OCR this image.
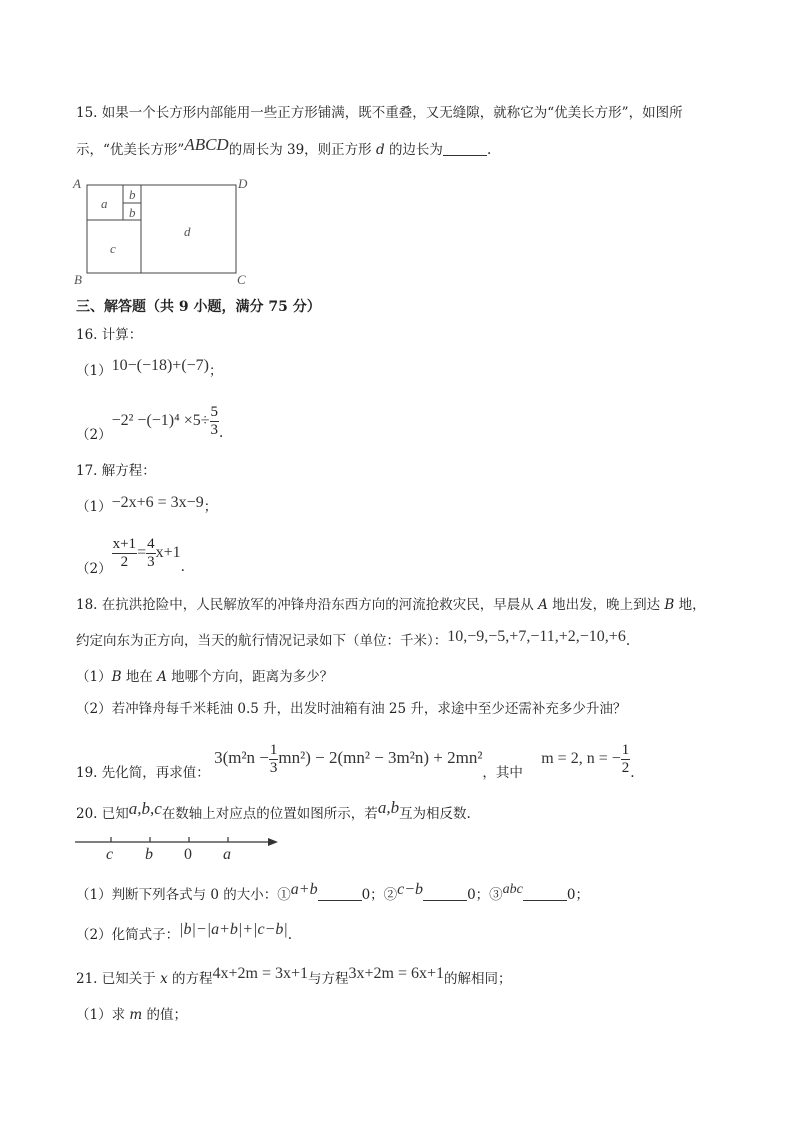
15. 如果一个长方形内部能用一些正方形铺满，既不重叠，又无缝隙，就称它为“优美长方形”，如图所
示，“优美长方形”ABCD的周长为 39，则正方形 d 的边长为	.
A
B	C
D
a
b
b
c
d
三、解答题（共 9 小题，满分 75 分）
16. 计算：
（1）10−(−18)+(−7)；
$(2)-2^2 -(-1)^4 \times 5\div \frac{5}{3}$ .
17. 解方程：
（1）−2x+6 = 3x−9；
$(2) \frac{x+1}{2} = \frac{4}{3} x+1$.
18. 在抗洪抢险中，人民解放军的冲锋舟沿东西方向的河流抢救灾民，早晨从 A 地出发，晚上到达 B 地，
约定向东为正方向，当天的航行情况记录如下（单位：千米）：10,−9,−5,+7,−11,+2,−10,+6.
（1）B 地在 A 地哪个方向，距离为多少？
（2）若冲锋舟每千米耗油 0.5 升，出发时油箱有油 25 升，求途中至少还需补充多少升油？
19. 先化简，再求值： $3(m^2n - \frac{1}{3} mn^2) - 2(mn^2 - 3m^2n) + 2mn^2$，其中 m = 2, n = − $\frac{1}{2}$ .
20. 已知a,b,c在数轴上对应点的位置如图所示，若a,b互为相反数.
c b 0 a
（1）判断下列各式与 0 的大小：①a+b	0；②c−b	0；③abc	0；
（2）化简式子：|b|−|a+b|+|c−b|.
21. 已知关于 x 的方程4x+2m = 3x+1与方程3x+2m = 6x+1的解相同；
（1）求 m 的值；
